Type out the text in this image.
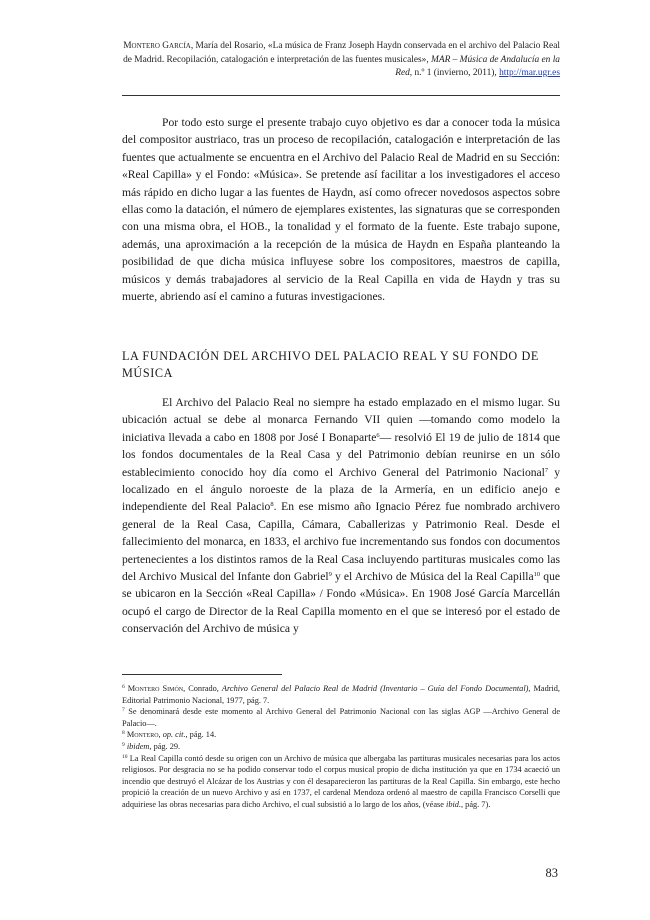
Montero García, María del Rosario, «La música de Franz Joseph Haydn conservada en el archivo del Palacio Real de Madrid. Recopilación, catalogación e interpretación de las fuentes musicales», MAR – Música de Andalucía en la Red, n.º 1 (invierno, 2011), http://mar.ugr.es

Por todo esto surge el presente trabajo cuyo objetivo es dar a conocer toda la música del compositor austriaco, tras un proceso de recopilación, catalogación e interpretación de las fuentes que actualmente se encuentra en el Archivo del Palacio Real de Madrid en su Sección: «Real Capilla» y el Fondo: «Música». Se pretende así facilitar a los investigadores el acceso más rápido en dicho lugar a las fuentes de Haydn, así como ofrecer novedosos aspectos sobre ellas como la datación, el número de ejemplares existentes, las signaturas que se corresponden con una misma obra, el HOB., la tonalidad y el formato de la fuente. Este trabajo supone, además, una aproximación a la recepción de la música de Haydn en España planteando la posibilidad de que dicha música influyese sobre los compositores, maestros de capilla, músicos y demás trabajadores al servicio de la Real Capilla en vida de Haydn y tras su muerte, abriendo así el camino a futuras investigaciones.

LA FUNDACIÓN DEL ARCHIVO DEL PALACIO REAL Y SU FONDO DE MÚSICA

El Archivo del Palacio Real no siempre ha estado emplazado en el mismo lugar. Su ubicación actual se debe al monarca Fernando VII quien —tomando como modelo la iniciativa llevada a cabo en 1808 por José I Bonaparte$^6$— resolvió El 19 de julio de 1814 que los fondos documentales de la Real Casa y del Patrimonio debían reunirse en un sólo establecimiento conocido hoy día como el Archivo General del Patrimonio Nacional$^7$ y localizado en el ángulo noroeste de la plaza de la Armería, en un edificio anejo e independiente del Real Palacio$^8$. En ese mismo año Ignacio Pérez fue nombrado archivero general de la Real Casa, Capilla, Cámara, Caballerizas y Patrimonio Real. Desde el fallecimiento del monarca, en 1833, el archivo fue incrementando sus fondos con documentos pertenecientes a los distintos ramos de la Real Casa incluyendo partituras musicales como las del Archivo Musical del Infante don Gabriel$^9$ y el Archivo de Música del la Real Capilla$^{10}$ que se ubicaron en la Sección «Real Capilla» / Fondo «Música». En 1908 José García Marcellán ocupó el cargo de Director de la Real Capilla momento en el que se interesó por el estado de conservación del Archivo de música y

$^6$ Montero Simón, Conrado, Archivo General del Palacio Real de Madrid (Inventario – Guía del Fondo Documental), Madrid, Editorial Patrimonio Nacional, 1977, pág. 7.

$^7$ Se denominará desde este momento al Archivo General del Patrimonio Nacional con las siglas AGP —Archivo General de Palacio—.

$^8$ Montero, op. cit., pág. 14.

$^9$ ibidem, pág. 29.

$^{10}$ La Real Capilla contó desde su origen con un Archivo de música que albergaba las partituras musicales necesarias para los actos religiosos. Por desgracia no se ha podido conservar todo el corpus musical propio de dicha institución ya que en 1734 acaeció un incendio que destruyó el Alcázar de los Austrias y con él desaparecieron las partituras de la Real Capilla. Sin embargo, este hecho propició la creación de un nuevo Archivo y así en 1737, el cardenal Mendoza ordenó al maestro de capilla Francisco Corselli que adquiriese las obras necesarias para dicho Archivo, el cual subsistió a lo largo de los años, (véase ibid., pág. 7).

83
